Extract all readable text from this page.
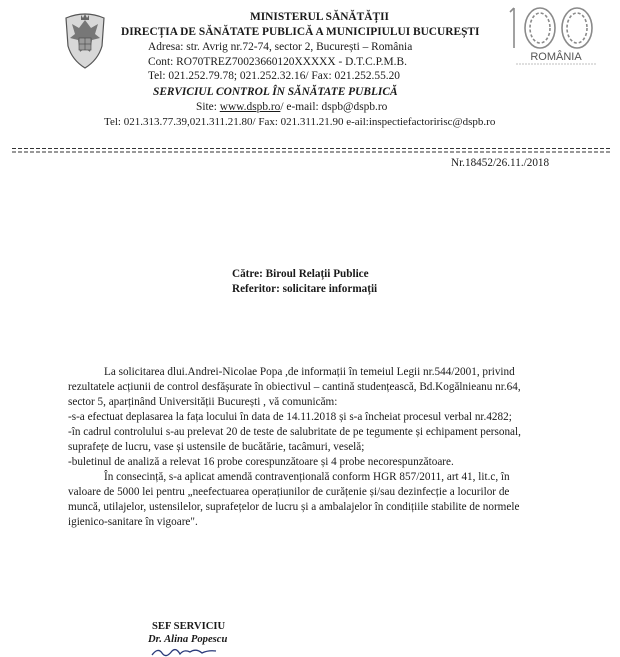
ROMÂNIA
MINISTERUL SĂNĂTĂȚII
DIRECȚIA DE SĂNĂTATE PUBLICĂ A MUNICIPIULUI BUCUREȘTI
Adresa: str. Avrig nr.72-74, sector 2, București – România
Cont: RO70TREZ70023660120XXXXX - D.T.C.P.M.B.
Tel: 021.252.79.78; 021.252.32.16/ Fax: 021.252.55.20
SERVICIUL CONTROL ÎN SĂNĂTATE PUBLICĂ
Site: www.dspb.ro/ e-mail: dspb@dspb.ro
Tel: 021.313.77.39,021.311.21.80/ Fax: 021.311.21.90 e-ail:inspectiefactoririsc@dspb.ro
Nr.18452/26.11./2018
Către: Biroul Relații Publice
Referitor: solicitare informații
La solicitarea dlui.Andrei-Nicolae Popa ,de informații în temeiul Legii nr.544/2001, privind
rezultatele acțiunii de control desfășurate în obiectivul – cantină studențească, Bd.Kogălnieanu nr.64,
sector 5, aparținând Universității București , vă comunicăm:
-s-a efectuat deplasarea la fața locului în data de 14.11.2018 și s-a încheiat procesul verbal nr.4282;
-în cadrul controlului s-au prelevat 20 de teste de salubritate de pe tegumente și echipament personal,
suprafețe de lucru, vase și ustensile de bucătărie, tacâmuri, veselă;
-buletinul de analiză a relevat 16 probe corespunzătoare și 4 probe necorespunzătoare.
În consecință, s-a aplicat amendă contravențională conform HGR 857/2011, art 41, lit.c, în
valoare de 5000 lei pentru „neefectuarea operațiunilor de curățenie și/sau dezinfecție a locurilor de
muncă, utilajelor, ustensilelor, suprafețelor de lucru și a ambalajelor în condițiile stabilite de normele
igienico-sanitare în vigoare".
SEF SERVICIU
Dr. Alina Popescu
